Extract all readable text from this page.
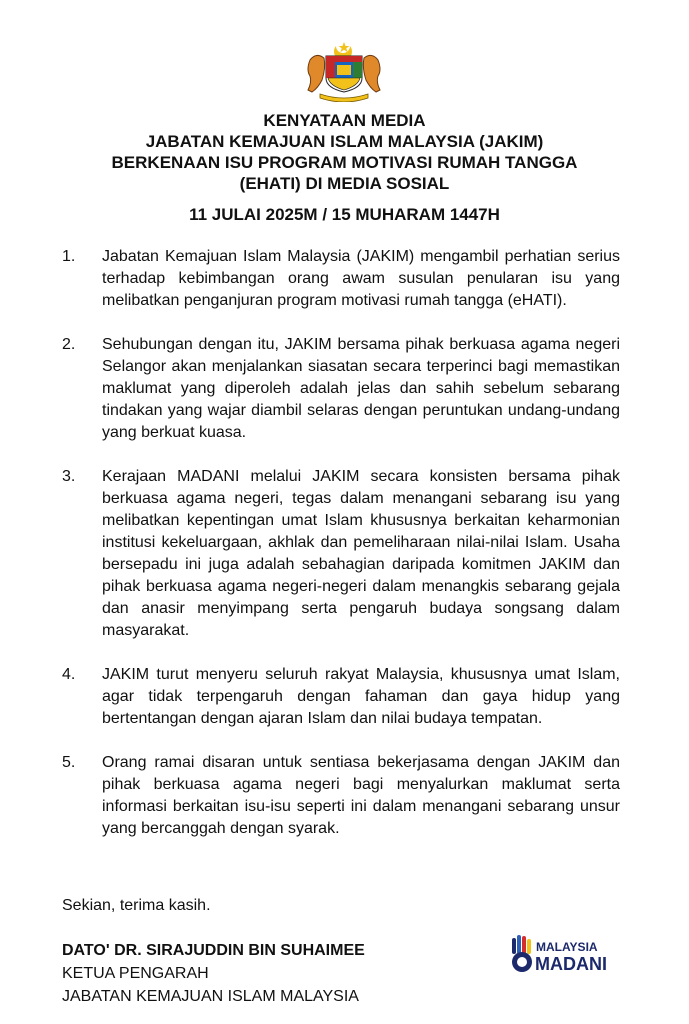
KENYATAAN MEDIA
JABATAN KEMAJUAN ISLAM MALAYSIA (JAKIM)
BERKENAAN ISU PROGRAM MOTIVASI RUMAH TANGGA
(EHATI) DI MEDIA SOSIAL
11 JULAI 2025M / 15 MUHARAM 1447H
1. Jabatan Kemajuan Islam Malaysia (JAKIM) mengambil perhatian serius terhadap kebimbangan orang awam susulan penularan isu yang melibatkan penganjuran program motivasi rumah tangga (eHATI).
2. Sehubungan dengan itu, JAKIM bersama pihak berkuasa agama negeri Selangor akan menjalankan siasatan secara terperinci bagi memastikan maklumat yang diperoleh adalah jelas dan sahih sebelum sebarang tindakan yang wajar diambil selaras dengan peruntukan undang-undang yang berkuat kuasa.
3. Kerajaan MADANI melalui JAKIM secara konsisten bersama pihak berkuasa agama negeri, tegas dalam menangani sebarang isu yang melibatkan kepentingan umat Islam khususnya berkaitan keharmonian institusi kekeluargaan, akhlak dan pemeliharaan nilai-nilai Islam. Usaha bersepadu ini juga adalah sebahagian daripada komitmen JAKIM dan pihak berkuasa agama negeri-negeri dalam menangkis sebarang gejala dan anasir menyimpang serta pengaruh budaya songsang dalam masyarakat.
4. JAKIM turut menyeru seluruh rakyat Malaysia, khususnya umat Islam, agar tidak terpengaruh dengan fahaman dan gaya hidup yang bertentangan dengan ajaran Islam dan nilai budaya tempatan.
5. Orang ramai disaran untuk sentiasa bekerjasama dengan JAKIM dan pihak berkuasa agama negeri bagi menyalurkan maklumat serta informasi berkaitan isu-isu seperti ini dalam menangani sebarang unsur yang bercanggah dengan syarak.
Sekian, terima kasih.
DATO' DR. SIRAJUDDIN BIN SUHAIMEE
KETUA PENGARAH
JABATAN KEMAJUAN ISLAM MALAYSIA
MALAYSIA
MADANI
